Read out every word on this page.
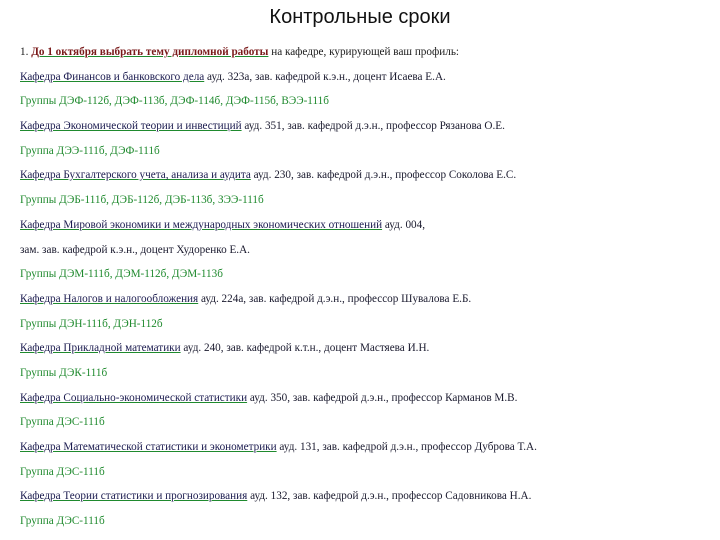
Контрольные сроки
1. До 1 октября выбрать тему дипломной работы на кафедре, курирующей ваш профиль:
Кафедра Финансов и банковского дела ауд. 323а, зав. кафедрой к.э.н., доцент Исаева Е.А.
Группы ДЭФ-112б, ДЭФ-113б, ДЭФ-114б, ДЭФ-115б, ВЭЭ-111б
Кафедра Экономической теории и инвестиций ауд. 351, зав. кафедрой д.э.н., профессор Рязанова О.Е.
Группа ДЭЭ-111б, ДЭФ-111б
Кафедра Бухгалтерского учета, анализа и аудита ауд. 230, зав. кафедрой д.э.н., профессор Соколова Е.С.
Группы ДЭБ-111б, ДЭБ-112б, ДЭБ-113б, ЗЭЭ-111б
Кафедра Мировой экономики и международных экономических отношений ауд. 004,
зам. зав. кафедрой к.э.н., доцент Худоренко Е.А.
Группы ДЭМ-111б, ДЭМ-112б, ДЭМ-113б
Кафедра Налогов и налогообложения ауд. 224а, зав. кафедрой д.э.н., профессор Шувалова Е.Б.
Группы ДЭН-111б, ДЭН-112б
Кафедра Прикладной математики ауд. 240, зав. кафедрой к.т.н., доцент Мастяева И.Н.
Группы ДЭК-111б
Кафедра Социально-экономической статистики ауд. 350, зав. кафедрой д.э.н., профессор Карманов М.В.
Группа ДЭС-111б
Кафедра Математической статистики и эконометрики ауд. 131, зав. кафедрой д.э.н., профессор Дуброва Т.А.
Группа ДЭС-111б
Кафедра Теории статистики и прогнозирования ауд. 132, зав. кафедрой д.э.н., профессор Садовникова Н.А.
Группа ДЭС-111б
